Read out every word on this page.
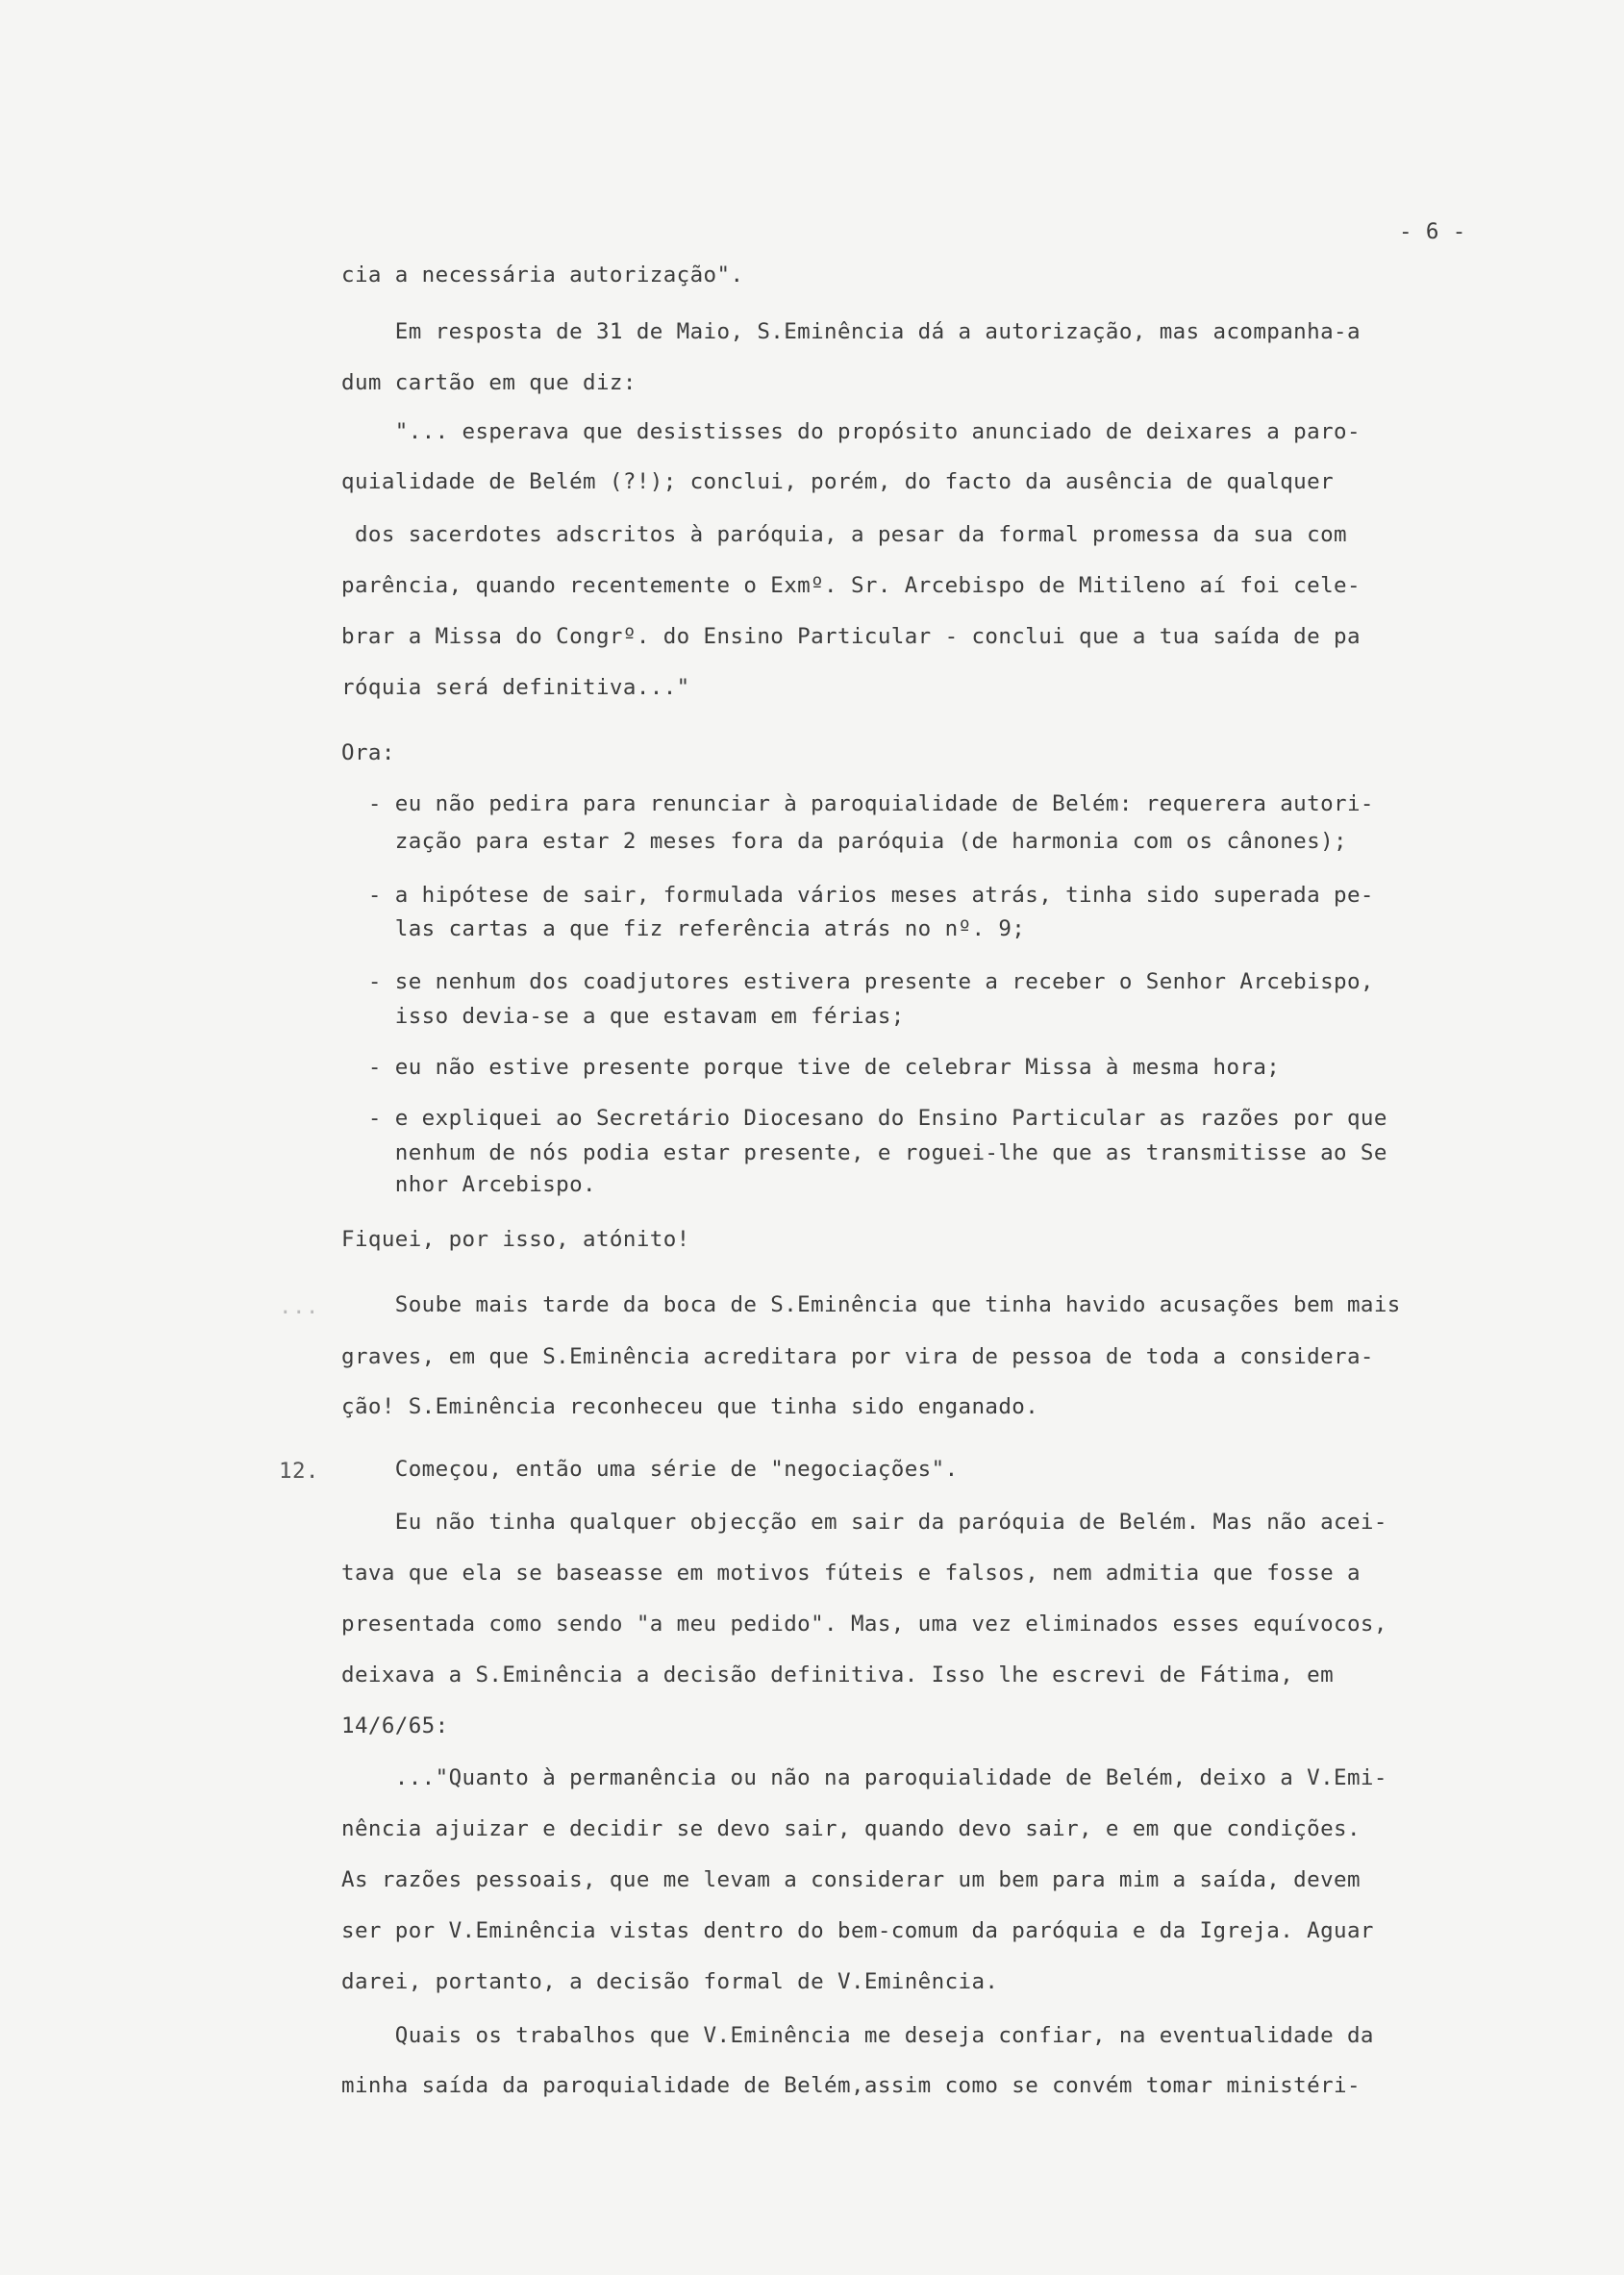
- 6 -
...
12.
cia a necessária autorização".
Em resposta de 31 de Maio, S.Eminência dá a autorização, mas acompanha-a
dum cartão em que diz:
"... esperava que desistisses do propósito anunciado de deixares a paro-
quialidade de Belém (?!); conclui, porém, do facto da ausência de qualquer
dos sacerdotes adscritos à paróquia, a pesar da formal promessa da sua com
parência, quando recentemente o Exmº. Sr. Arcebispo de Mitileno aí foi cele-
brar a Missa do Congrº. do Ensino Particular - conclui que a tua saída de pa
róquia será definitiva..."
Ora:
- eu não pedira para renunciar à paroquialidade de Belém: requerera autori-
zação para estar 2 meses fora da paróquia (de harmonia com os cânones);
- a hipótese de sair, formulada vários meses atrás, tinha sido superada pe-
las cartas a que fiz referência atrás no nº. 9;
- se nenhum dos coadjutores estivera presente a receber o Senhor Arcebispo,
isso devia-se a que estavam em férias;
- eu não estive presente porque tive de celebrar Missa à mesma hora;
- e expliquei ao Secretário Diocesano do Ensino Particular as razões por que
nenhum de nós podia estar presente, e roguei-lhe que as transmitisse ao Se
nhor Arcebispo.
Fiquei, por isso, atónito!
Soube mais tarde da boca de S.Eminência que tinha havido acusações bem mais
graves, em que S.Eminência acreditara por vira de pessoa de toda a considera-
ção! S.Eminência reconheceu que tinha sido enganado.
Começou, então uma série de "negociações".
Eu não tinha qualquer objecção em sair da paróquia de Belém. Mas não acei-
tava que ela se baseasse em motivos fúteis e falsos, nem admitia que fosse a
presentada como sendo "a meu pedido". Mas, uma vez eliminados esses equívocos,
deixava a S.Eminência a decisão definitiva. Isso lhe escrevi de Fátima, em
14/6/65:
..."Quanto à permanência ou não na paroquialidade de Belém, deixo a V.Emi-
nência ajuizar e decidir se devo sair, quando devo sair, e em que condições.
As razões pessoais, que me levam a considerar um bem para mim a saída, devem
ser por V.Eminência vistas dentro do bem-comum da paróquia e da Igreja. Aguar
darei, portanto, a decisão formal de V.Eminência.
Quais os trabalhos que V.Eminência me deseja confiar, na eventualidade da
minha saída da paroquialidade de Belém,assim como se convém tomar ministéri-
